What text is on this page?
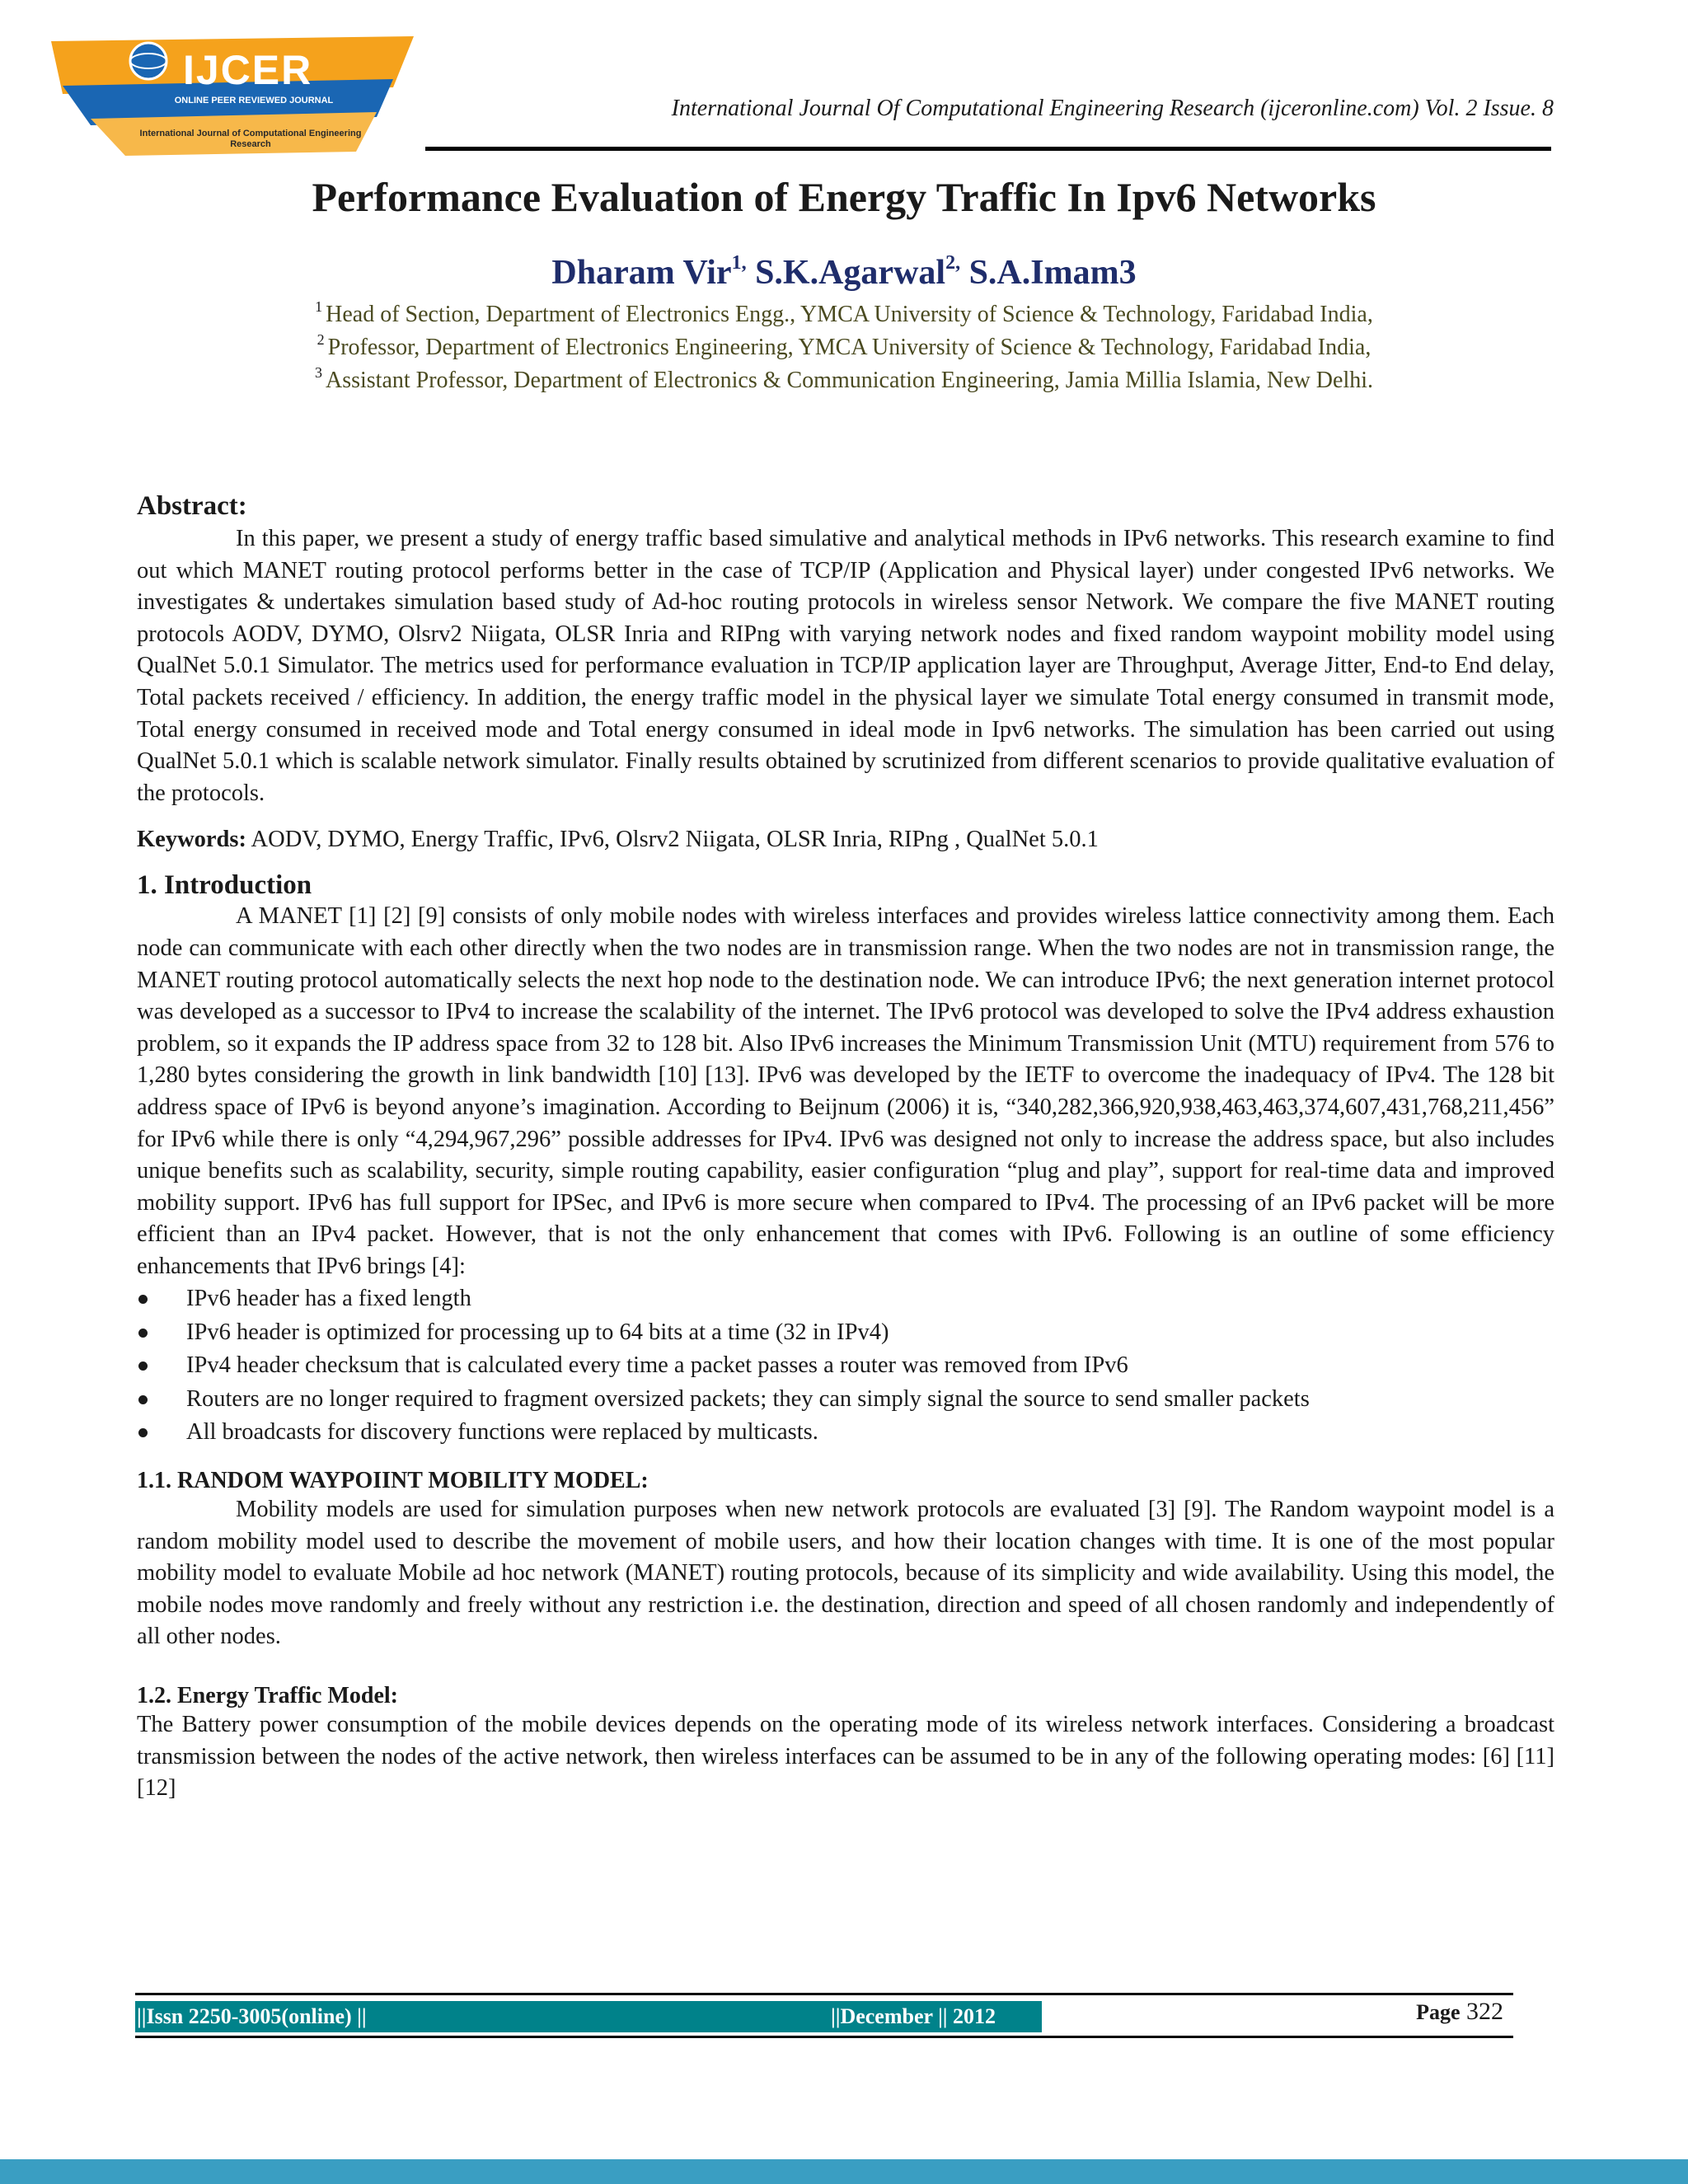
IJCER
ONLINE PEER REVIEWED JOURNAL
International Journal of Computational Engineering Research
International Journal Of Computational Engineering Research (ijceronline.com) Vol. 2 Issue. 8
Performance Evaluation of Energy Traffic In Ipv6 Networks
Dharam Vir$^{1,}$ S.K.Agarwal$^{2,}$ S.A.Imam3
$^1$ Head of Section, Department of Electronics Engg., YMCA University of Science & Technology, Faridabad India,
$^2$ Professor, Department of Electronics Engineering, YMCA University of Science & Technology, Faridabad India,
$^3$ Assistant Professor, Department of Electronics & Communication Engineering, Jamia Millia Islamia, New Delhi.
Abstract:

In this paper, we present a study of energy traffic based simulative and analytical methods in IPv6 networks. This research examine to find out which MANET routing protocol performs better in the case of TCP/IP (Application and Physical layer) under congested IPv6 networks. We investigates & undertakes simulation based study of Ad-hoc routing protocols in wireless sensor Network. We compare the five MANET routing protocols AODV, DYMO, Olsrv2 Niigata, OLSR Inria and RIPng with varying network nodes and fixed random waypoint mobility model using QualNet 5.0.1 Simulator. The metrics used for performance evaluation in TCP/IP application layer are Throughput, Average Jitter, End-to End delay, Total packets received / efficiency. In addition, the energy traffic model in the physical layer we simulate Total energy consumed in transmit mode, Total energy consumed in received mode and Total energy consumed in ideal mode in Ipv6 networks. The simulation has been carried out using QualNet 5.0.1 which is scalable network simulator. Finally results obtained by scrutinized from different scenarios to provide qualitative evaluation of the protocols.

Keywords: AODV, DYMO, Energy Traffic, IPv6, Olsrv2 Niigata, OLSR Inria, RIPng , QualNet 5.0.1
1. Introduction

A MANET [1] [2] [9] consists of only mobile nodes with wireless interfaces and provides wireless lattice connectivity among them. Each node can communicate with each other directly when the two nodes are in transmission range. When the two nodes are not in transmission range, the MANET routing protocol automatically selects the next hop node to the destination node. We can introduce IPv6; the next generation internet protocol was developed as a successor to IPv4 to increase the scalability of the internet. The IPv6 protocol was developed to solve the IPv4 address exhaustion problem, so it expands the IP address space from 32 to 128 bit. Also IPv6 increases the Minimum Transmission Unit (MTU) requirement from 576 to 1,280 bytes considering the growth in link bandwidth [10] [13]. IPv6 was developed by the IETF to overcome the inadequacy of IPv4. The 128 bit address space of IPv6 is beyond anyone’s imagination. According to Beijnum (2006) it is, “340,282,366,920,938,463,463,374,607,431,768,211,456” for IPv6 while there is only “4,294,967,296” possible addresses for IPv4. IPv6 was designed not only to increase the address space, but also includes unique benefits such as scalability, security, simple routing capability, easier configuration “plug and play”, support for real-time data and improved mobility support. IPv6 has full support for IPSec, and IPv6 is more secure when compared to IPv4. The processing of an IPv6 packet will be more efficient than an IPv4 packet. However, that is not the only enhancement that comes with IPv6. Following is an outline of some efficiency enhancements that IPv6 brings [4]:

IPv6 header has a fixed length
IPv6 header is optimized for processing up to 64 bits at a time (32 in IPv4)
IPv4 header checksum that is calculated every time a packet passes a router was removed from IPv6
Routers are no longer required to fragment oversized packets; they can simply signal the source to send smaller packets
All broadcasts for discovery functions were replaced by multicasts.
1.1. RANDOM WAYPOIINT MOBILITY MODEL:

Mobility models are used for simulation purposes when new network protocols are evaluated [3] [9]. The Random waypoint model is a random mobility model used to describe the movement of mobile users, and how their location changes with time. It is one of the most popular mobility model to evaluate Mobile ad hoc network (MANET) routing protocols, because of its simplicity and wide availability. Using this model, the mobile nodes move randomly and freely without any restriction i.e. the destination, direction and speed of all chosen randomly and independently of all other nodes.

1.2. Energy Traffic Model:

The Battery power consumption of the mobile devices depends on the operating mode of its wireless network interfaces. Considering a broadcast transmission between the nodes of the active network, then wireless interfaces can be assumed to be in any of the following operating modes: [6] [11] [12]

||Issn 2250-3005(online) ||	||December || 2012	Page 322
